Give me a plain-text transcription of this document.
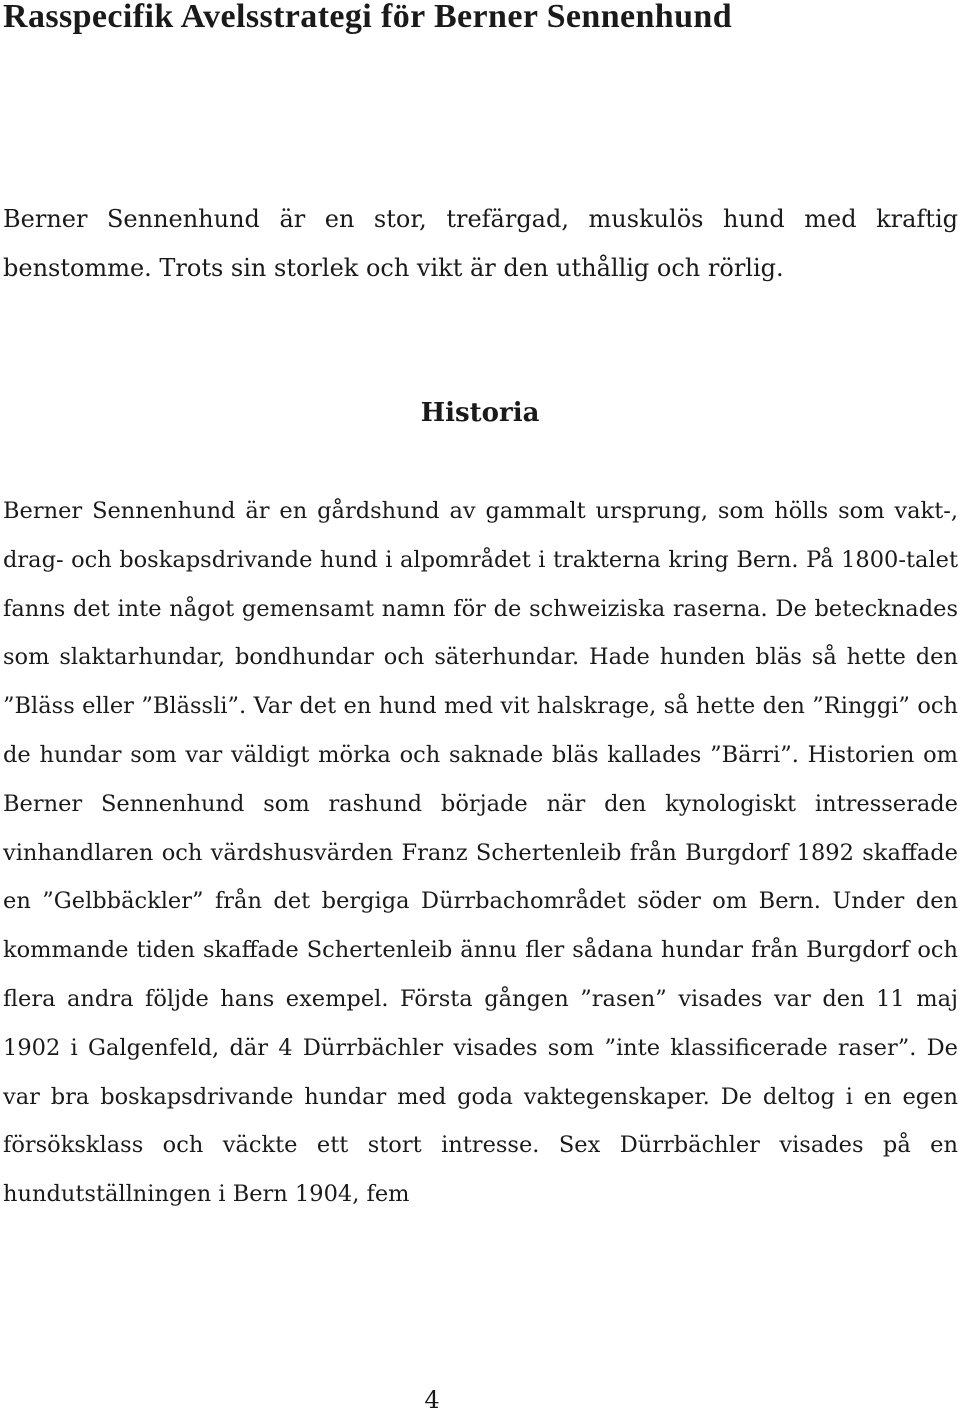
Rasspecifik Avelsstrategi för Berner Sennenhund

Berner Sennenhund är en stor, trefärgad, muskulös hund med kraftig benstomme. Trots sin storlek och vikt är den uthållig och rörlig.

Historia

Berner Sennenhund är en gårdshund av gammalt ursprung, som hölls som vakt-, drag- och boskapsdrivande hund i alpområdet i trakterna kring Bern. På 1800-talet fanns det inte något gemensamt namn för de schweiziska raserna. De betecknades som slaktarhundar, bondhundar och säterhundar. Hade hunden bläs så hette den ”Bläss eller ”Blässli”. Var det en hund med vit halskrage, så hette den ”Ringgi” och de hundar som var väldigt mörka och saknade bläs kallades ”Bärri”. Historien om Berner Sennenhund som rashund började när den kynologiskt intresserade vinhandlaren och värdshusvärden Franz Schertenleib från Burgdorf 1892 skaffade en ”Gelbbäckler” från det bergiga Dürrbachområdet söder om Bern. Under den kommande tiden skaffade Schertenleib ännu fler sådana hundar från Burgdorf och flera andra följde hans exempel. Första gången ”rasen” visades var den 11 maj 1902 i Galgenfeld, där 4 Dürrbächler visades som ”inte klassificerade raser”. De var bra boskapsdrivande hundar med goda vaktegenskaper. De deltog i en egen försöksklass och väckte ett stort intresse. Sex Dürrbächler visades på en hundutställningen i Bern 1904, fem

4
